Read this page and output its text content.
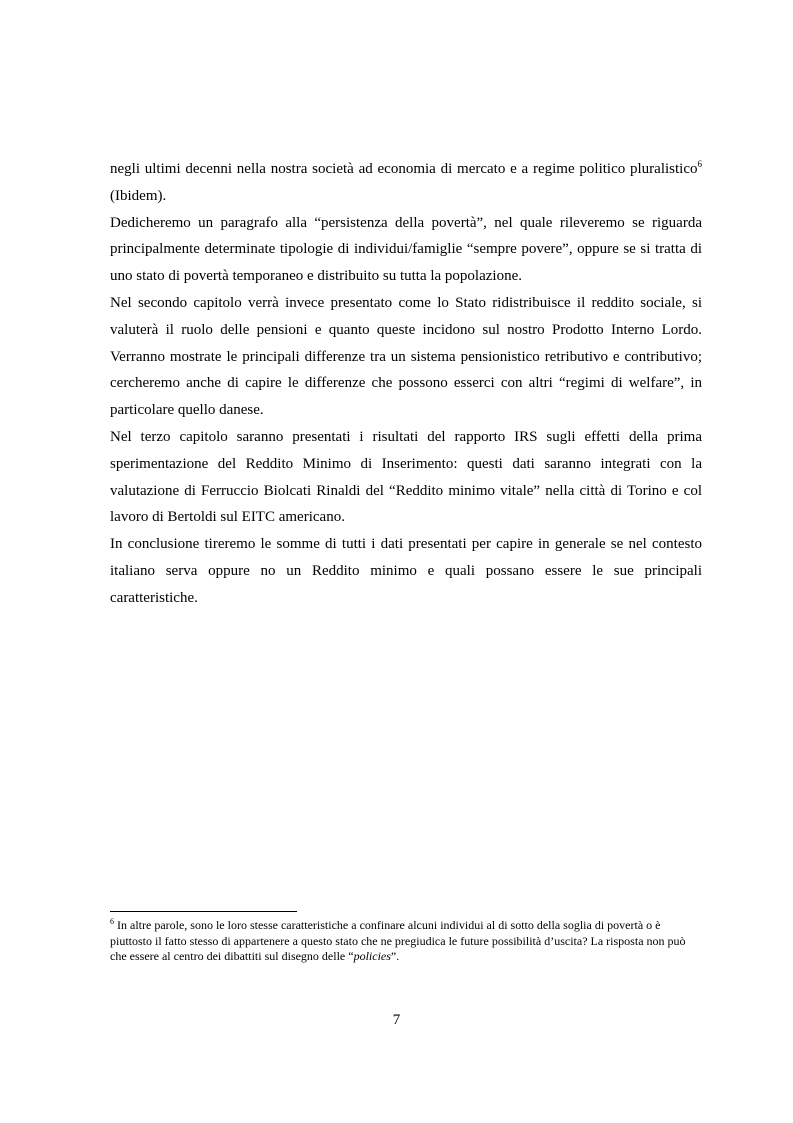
negli ultimi decenni nella nostra società ad economia di mercato e a regime politico pluralistico$^6$ (Ibidem).

Dedicheremo un paragrafo alla “persistenza della povertà”, nel quale rileveremo se riguarda principalmente determinate tipologie di individui/famiglie “sempre povere”, oppure se si tratta di uno stato di povertà temporaneo e distribuito su tutta la popolazione.

Nel secondo capitolo verrà invece presentato come lo Stato ridistribuisce il reddito sociale, si valuterà il ruolo delle pensioni e quanto queste incidono sul nostro Prodotto Interno Lordo. Verranno mostrate le principali differenze tra un sistema pensionistico retributivo e contributivo; cercheremo anche di capire le differenze che possono esserci con altri “regimi di welfare”, in particolare quello danese.

Nel terzo capitolo saranno presentati i risultati del rapporto IRS sugli effetti della prima sperimentazione del Reddito Minimo di Inserimento: questi dati saranno integrati con la valutazione di Ferruccio Biolcati Rinaldi del “Reddito minimo vitale” nella città di Torino e col lavoro di Bertoldi sul EITC americano.

In conclusione tireremo le somme di tutti i dati presentati per capire in generale se nel contesto italiano serva oppure no un Reddito minimo e quali possano essere le sue principali caratteristiche.

$^6$ In altre parole, sono le loro stesse caratteristiche a confinare alcuni individui al di sotto della soglia di povertà o è piuttosto il fatto stesso di appartenere a questo stato che ne pregiudica le future possibilità d’uscita? La risposta non può che essere al centro dei dibattiti sul disegno delle “policies”.
7
